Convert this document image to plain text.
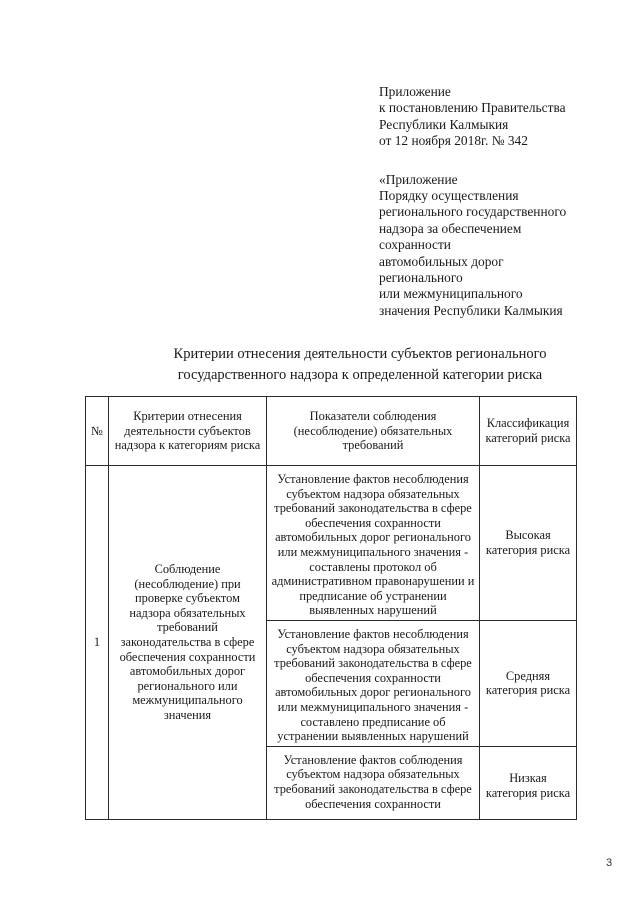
Приложение
к постановлению Правительства
Республики Калмыкия
от 12 ноября 2018г. № 342
«Приложение
Порядку осуществления
регионального государственного
надзора за обеспечением
сохранности
автомобильных дорог
регионального
или межмуниципального
значения Республики Калмыкия
Критерии отнесения деятельности субъектов регионального
государственного надзора к определенной категории риска
№	Критерии отнесения деятельности субъектов надзора к категориям риска	Показатели соблюдения (несоблюдение) обязательных требований	Классификация категорий риска
1	Соблюдение (несоблюдение) при проверке субъектом надзора обязательных требований законодательства в сфере обеспечения сохранности автомобильных дорог регионального или межмуниципального значения	Установление фактов несоблюдения субъектом надзора обязательных требований законодательства в сфере обеспечения сохранности автомобильных дорог регионального или межмуниципального значения - составлены протокол об административном правонарушении и предписание об устранении выявленных нарушений	Высокая категория риска
		Установление фактов несоблюдения субъектом надзора обязательных требований законодательства в сфере обеспечения сохранности автомобильных дорог регионального или межмуниципального значения - составлено предписание об устранении выявленных нарушений	Средняя категория риска
		Установление фактов соблюдения субъектом надзора обязательных требований законодательства в сфере обеспечения сохранности	Низкая категория риска
3
